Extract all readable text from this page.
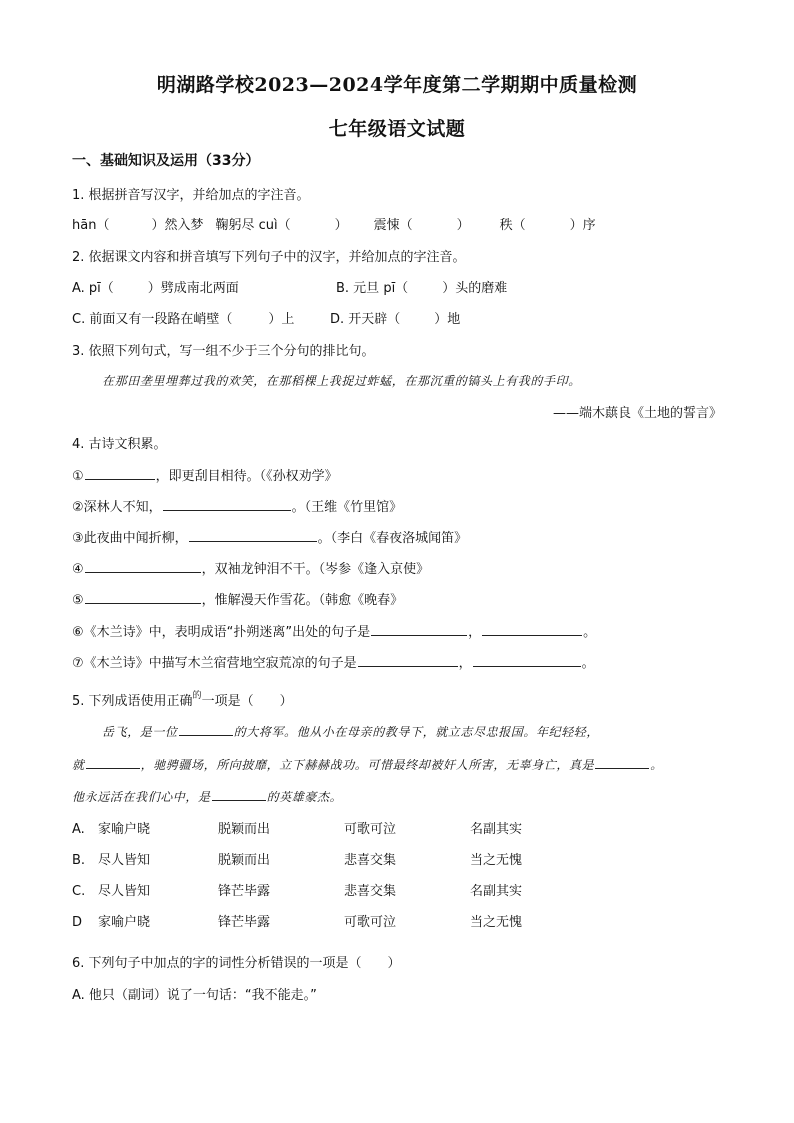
明湖路学校2023—2024学年度第二学期期中质量检测
七年级语文试题
一、基础知识及运用（33分）
1. 根据拼音写汉字，并给加点的字注音。
hān（	）然入梦 鞠躬尽 cuì（	） 震悚（	） 秩（	）序
2. 依据课文内容和拼音填写下列句子中的汉字，并给加点的字注音。
A. pī（	）劈成南北两面	B. 元旦 pī（	）头的磨难
C. 前面又有一段路在峭壁（	）上	D. 开天辟（	）地
3. 依照下列句式，写一组不少于三个分句的排比句。
在那田垄里埋葬过我的欢笑，在那稻棵上我捉过蚱蜢，在那沉重的镐头上有我的手印。
——端木蕻良《土地的誓言》
4. 古诗文积累。
①	，即更刮目相待。（《孙权劝学》
②深林人不知，	。（王维《竹里馆》
③此夜曲中闻折柳，	。（李白《春夜洛城闻笛》
④	，双袖龙钟泪不干。（岑参《逢入京使》
⑤	，惟解漫天作雪花。（韩愈《晚春》
⑥《木兰诗》中，表明成语“扑朔迷离”出处的句子是	，	。
⑦《木兰诗》中描写木兰宿营地空寂荒凉的句子是	，	。
5. 下列成语使用正确$^的$一项是（　　）
岳飞，是一位	的大将军。他从小在母亲的教导下，就立志尽忠报国。年纪轻轻，
就	，驰骋疆场，所向披靡，立下赫赫战功。可惜最终却被奸人所害，无辜身亡，真是	。
他永远活在我们心中，是	的英雄豪杰。
A. 家喻户晓	脱颖而出	可歌可泣	名副其实
B. 尽人皆知	脱颖而出	悲喜交集	当之无愧
C. 尽人皆知	锋芒毕露	悲喜交集	名副其实
D 家喻户晓	锋芒毕露	可歌可泣	当之无愧
6. 下列句子中加点的字的词性分析错误的一项是（　　）
A. 他只（副词）说了一句话：“我不能走。”
